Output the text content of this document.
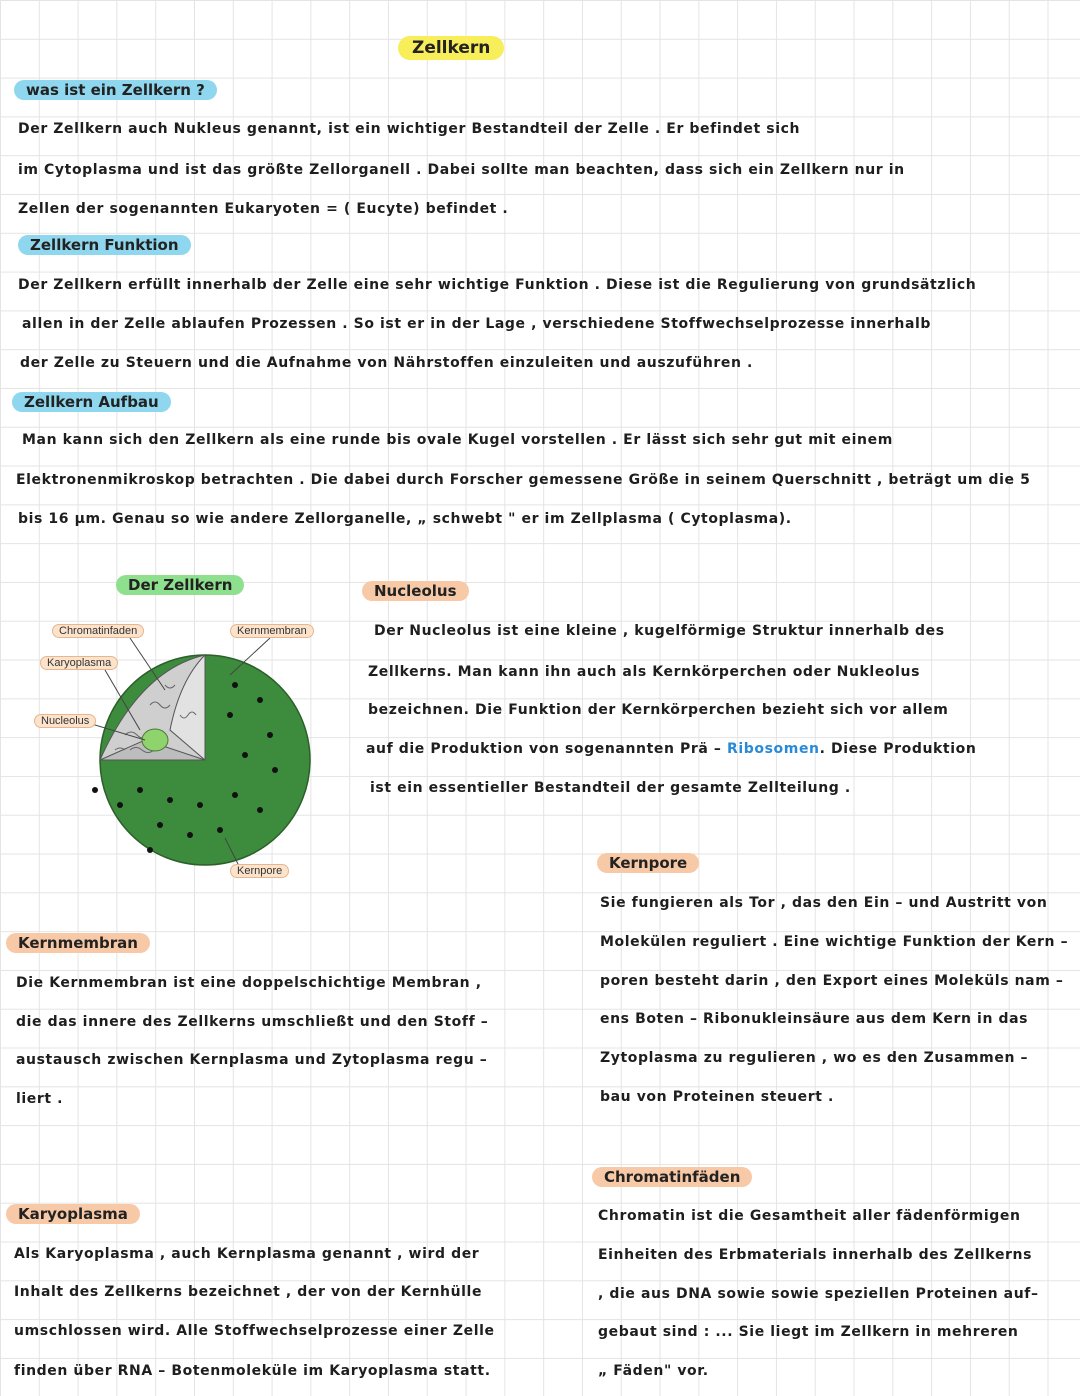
Zellkern
was ist ein Zellkern ?
Der Zellkern auch Nukleus genannt, ist ein wichtiger Bestandteil der Zelle . Er befindet sich
im Cytoplasma und ist das größte Zellorganell . Dabei sollte man beachten, dass sich ein Zellkern nur in
Zellen der sogenannten Eukaryoten = ( Eucyte) befindet .
Zellkern Funktion
Der Zellkern erfüllt innerhalb der Zelle eine sehr wichtige Funktion . Diese ist die Regulierung von grundsätzlich
allen in der Zelle ablaufen Prozessen . So ist er in der Lage , verschiedene Stoffwechselprozesse innerhalb
der Zelle zu Steuern und die Aufnahme von Nährstoffen einzuleiten und auszuführen .
Zellkern Aufbau
Man kann sich den Zellkern als eine runde bis ovale Kugel vorstellen . Er lässt sich sehr gut mit einem
Elektronenmikroskop betrachten . Die dabei durch Forscher gemessene Größe in seinem Querschnitt , beträgt um die 5
bis 16 µm. Genau so wie andere Zellorganelle, „ schwebt " er im Zellplasma ( Cytoplasma).
Der Zellkern
Chromatinfaden	Kernmembran
Karyoplasma
Nucleolus
Kernpore
Nucleolus
Der Nucleolus ist eine kleine , kugelförmige Struktur innerhalb des
Zellkerns. Man kann ihn auch als Kernkörperchen oder Nukleolus
bezeichnen. Die Funktion der Kernkörperchen bezieht sich vor allem
auf die Produktion von sogenannten Prä – Ribosomen. Diese Produktion
ist ein essentieller Bestandteil der gesamte Zellteilung .
Kernpore
Sie fungieren als Tor , das den Ein – und Austritt von
Molekülen reguliert . Eine wichtige Funktion der Kern –
poren besteht darin , den Export eines Moleküls nam –
ens Boten – Ribonukleinsäure aus dem Kern in das
Zytoplasma zu regulieren , wo es den Zusammen –
bau von Proteinen steuert .
Kernmembran
Die Kernmembran ist eine doppelschichtige Membran ,
die das innere des Zellkerns umschließt und den Stoff –
austausch zwischen Kernplasma und Zytoplasma regu –
liert .
Chromatinfäden
Chromatin ist die Gesamtheit aller fädenförmigen
Einheiten des Erbmaterials innerhalb des Zellkerns
, die aus DNA sowie sowie speziellen Proteinen auf–
gebaut sind : ... Sie liegt im Zellkern in mehreren
„ Fäden" vor.
Karyoplasma
Als Karyoplasma , auch Kernplasma genannt , wird der
Inhalt des Zellkerns bezeichnet , der von der Kernhülle
umschlossen wird. Alle Stoffwechselprozesse einer Zelle
finden über RNA – Botenmoleküle im Karyoplasma statt.
